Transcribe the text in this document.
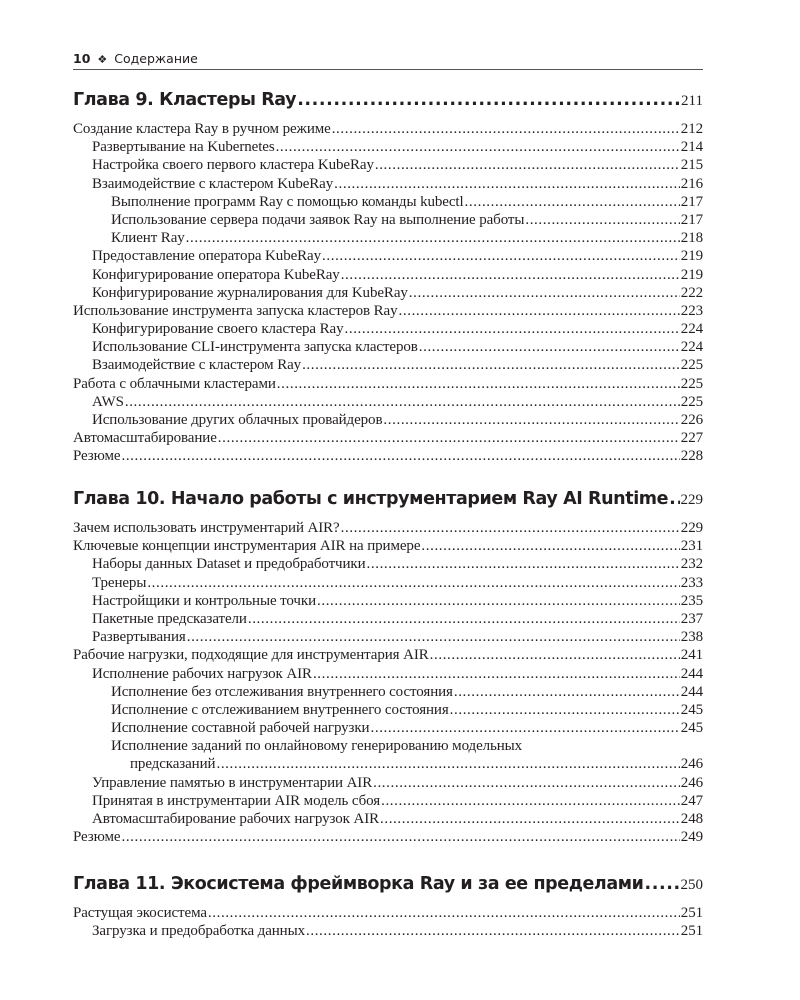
10 ❖ Содержание
Глава 9. Кластеры Ray .....	211
Создание кластера Ray в ручном режиме .....	212
Развертывание на Kubernetes .....	214
Настройка своего первого кластера KubeRay .....	215
Взаимодействие с кластером KubeRay .....	216
Выполнение программ Ray с помощью команды kubectl .....	217
Использование сервера подачи заявок Ray на выполнение работы .....	217
Клиент Ray .....	218
Предоставление оператора KubeRay .....	219
Конфигурирование оператора KubeRay .....	219
Конфигурирование журналирования для KubeRay .....	222
Использование инструмента запуска кластеров Ray .....	223
Конфигурирование своего кластера Ray .....	224
Использование CLI-инструмента запуска кластеров .....	224
Взаимодействие с кластером Ray .....	225
Работа с облачными кластерами .....	225
AWS .....	225
Использование других облачных провайдеров .....	226
Автомасштабирование .....	227
Резюме .....	228
Глава 10. Начало работы с инструментарием Ray AI Runtime ..... 229
Зачем использовать инструментарий AIR? .....	229
Ключевые концепции инструментария AIR на примере .....	231
Наборы данных Dataset и предобработчики .....	232
Тренеры .....	233
Настройщики и контрольные точки .....	235
Пакетные предсказатели .....	237
Развертывания .....	238
Рабочие нагрузки, подходящие для инструментария AIR .....	241
Исполнение рабочих нагрузок AIR .....	244
Исполнение без отслеживания внутреннего состояния .....	244
Исполнение с отслеживанием внутреннего состояния .....	245
Исполнение составной рабочей нагрузки .....	245
Исполнение заданий по онлайновому генерированию модельных
предсказаний .....	246
Управление памятью в инструментарии AIR .....	246
Принятая в инструментарии AIR модель сбоя .....	247
Автомасштабирование рабочих нагрузок AIR .....	248
Резюме .....	249
Глава 11. Экосистема фреймворка Ray и за ее пределами ..... 250
Растущая экосистема .....	251
Загрузка и предобработка данных .....	251
